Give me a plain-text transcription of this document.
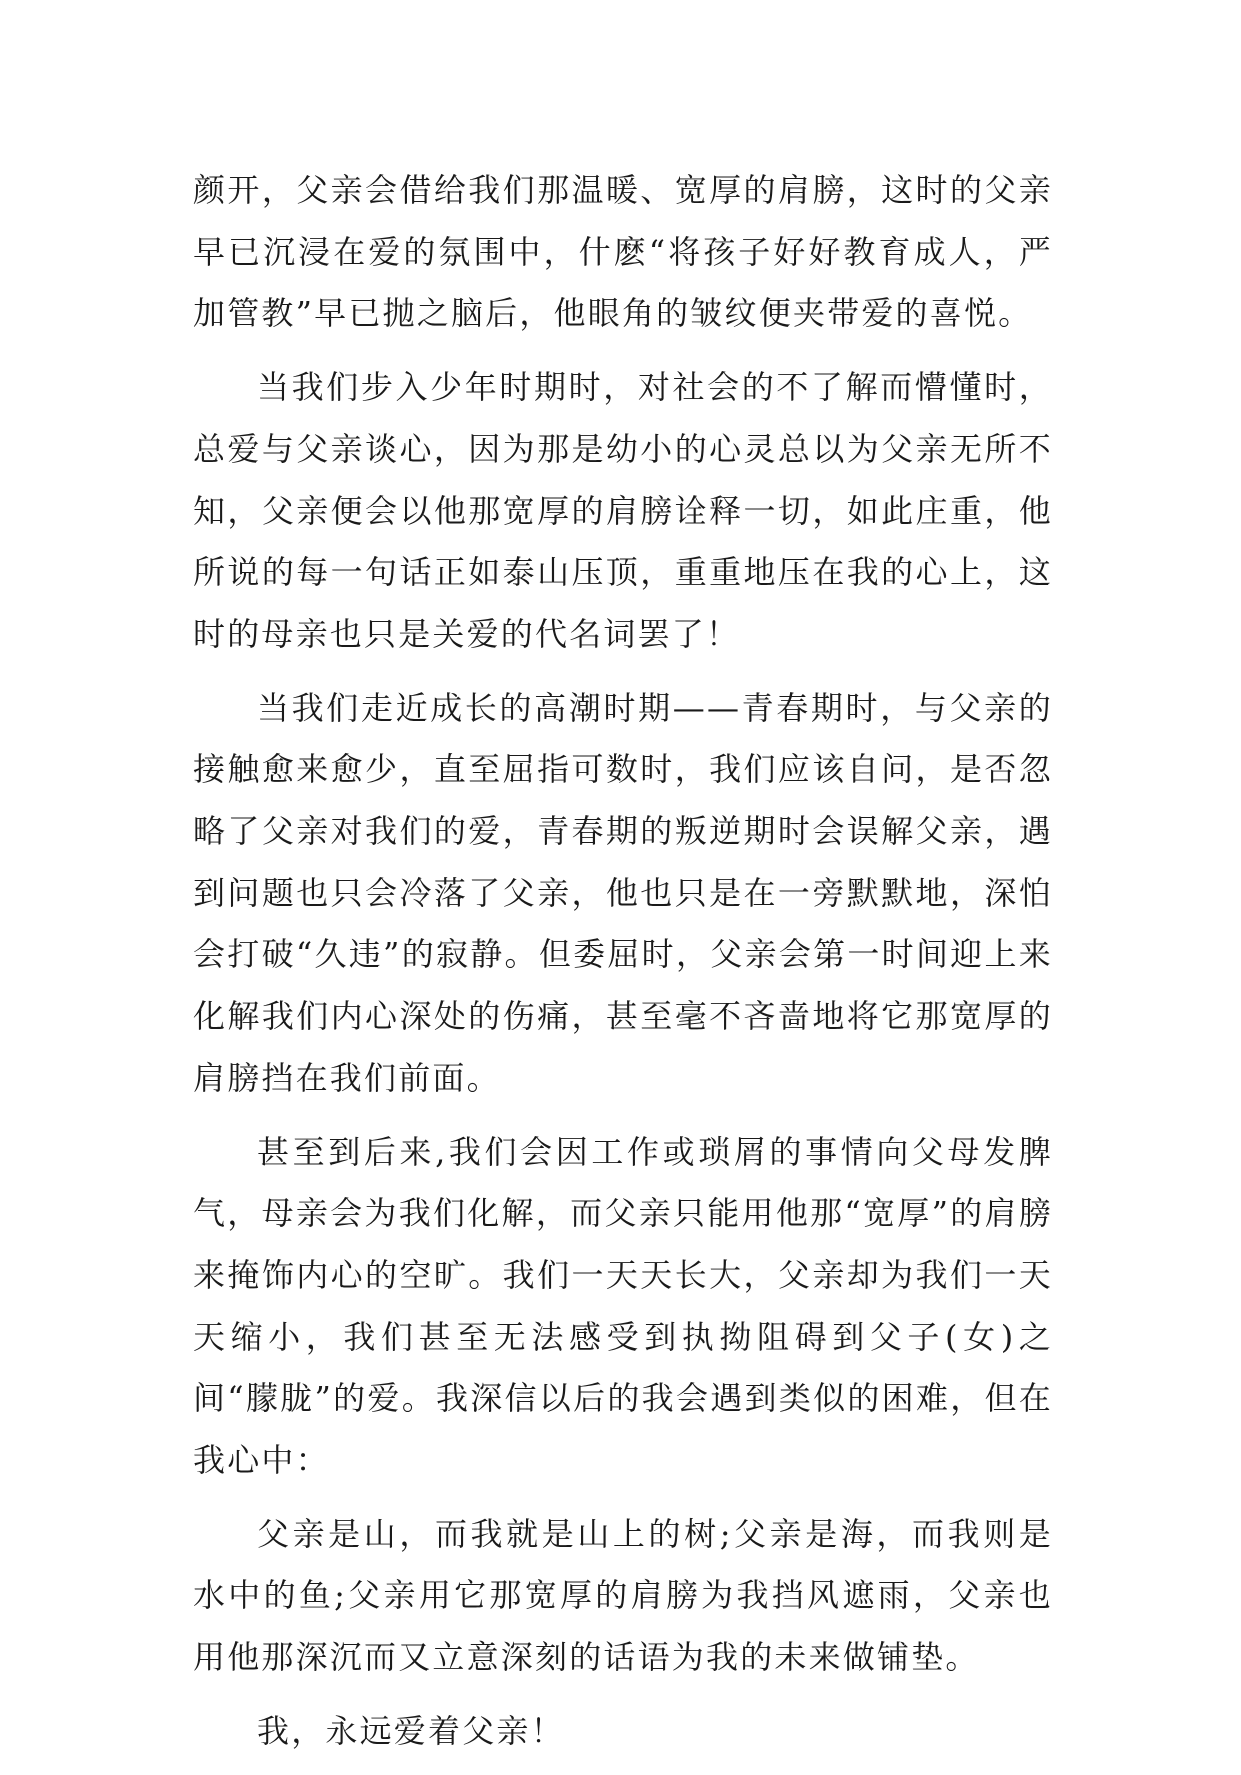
颜开，父亲会借给我们那温暖、宽厚的肩膀，这时的父亲早已沉浸在爱的氛围中，什麽“将孩子好好教育成人，严加管教”早已抛之脑后，他眼角的皱纹便夹带爱的喜悦。

当我们步入少年时期时，对社会的不了解而懵懂时，总爱与父亲谈心，因为那是幼小的心灵总以为父亲无所不知，父亲便会以他那宽厚的肩膀诠释一切，如此庄重，他所说的每一句话正如泰山压顶，重重地压在我的心上，这时的母亲也只是关爱的代名词罢了！

当我们走近成长的高潮时期——青春期时，与父亲的接触愈来愈少，直至屈指可数时，我们应该自问，是否忽略了父亲对我们的爱，青春期的叛逆期时会误解父亲，遇到问题也只会冷落了父亲，他也只是在一旁默默地，深怕会打破“久违”的寂静。但委屈时，父亲会第一时间迎上来化解我们内心深处的伤痛，甚至毫不吝啬地将它那宽厚的肩膀挡在我们前面。

甚至到后来,我们会因工作或琐屑的事情向父母发脾气，母亲会为我们化解，而父亲只能用他那“宽厚”的肩膀来掩饰内心的空旷。我们一天天长大，父亲却为我们一天天缩小，我们甚至无法感受到执拗阻碍到父子(女)之间“朦胧”的爱。我深信以后的我会遇到类似的困难，但在我心中：

父亲是山，而我就是山上的树;父亲是海，而我则是水中的鱼;父亲用它那宽厚的肩膀为我挡风遮雨，父亲也用他那深沉而又立意深刻的话语为我的未来做铺垫。

我，永远爱着父亲！
